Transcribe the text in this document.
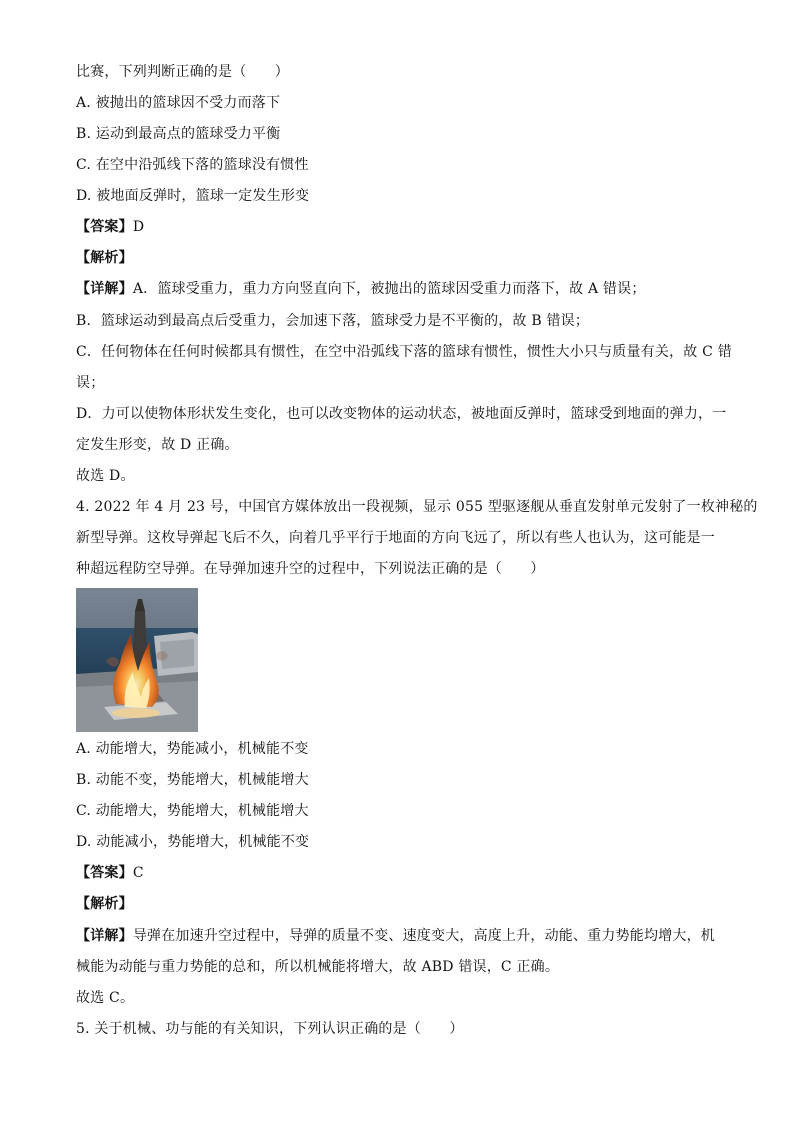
比赛，下列判断正确的是（　　）
A. 被抛出的篮球因不受力而落下
B. 运动到最高点的篮球受力平衡
C. 在空中沿弧线下落的篮球没有惯性
D. 被地面反弹时，篮球一定发生形变
【答案】D
【解析】
【详解】A．篮球受重力，重力方向竖直向下，被抛出的篮球因受重力而落下，故 A 错误；
B．篮球运动到最高点后受重力，会加速下落，篮球受力是不平衡的，故 B 错误；
C．任何物体在任何时候都具有惯性，在空中沿弧线下落的篮球有惯性，惯性大小只与质量有关，故 C 错
误；
D．力可以使物体形状发生变化，也可以改变物体的运动状态，被地面反弹时，篮球受到地面的弹力，一
定发生形变，故 D 正确。
故选 D。
4. 2022 年 4 月 23 号，中国官方媒体放出一段视频，显示 055 型驱逐舰从垂直发射单元发射了一枚神秘的
新型导弹。这枚导弹起飞后不久，向着几乎平行于地面的方向飞远了，所以有些人也认为，这可能是一
种超远程防空导弹。在导弹加速升空的过程中，下列说法正确的是（　　）
A. 动能增大，势能减小，机械能不变
B. 动能不变，势能增大，机械能增大
C. 动能增大，势能增大，机械能增大
D. 动能减小，势能增大，机械能不变
【答案】C
【解析】
【详解】导弹在加速升空过程中，导弹的质量不变、速度变大，高度上升，动能、重力势能均增大，机
械能为动能与重力势能的总和，所以机械能将增大，故 ABD 错误，C 正确。
故选 C。
5. 关于机械、功与能的有关知识，下列认识正确的是（　　）
